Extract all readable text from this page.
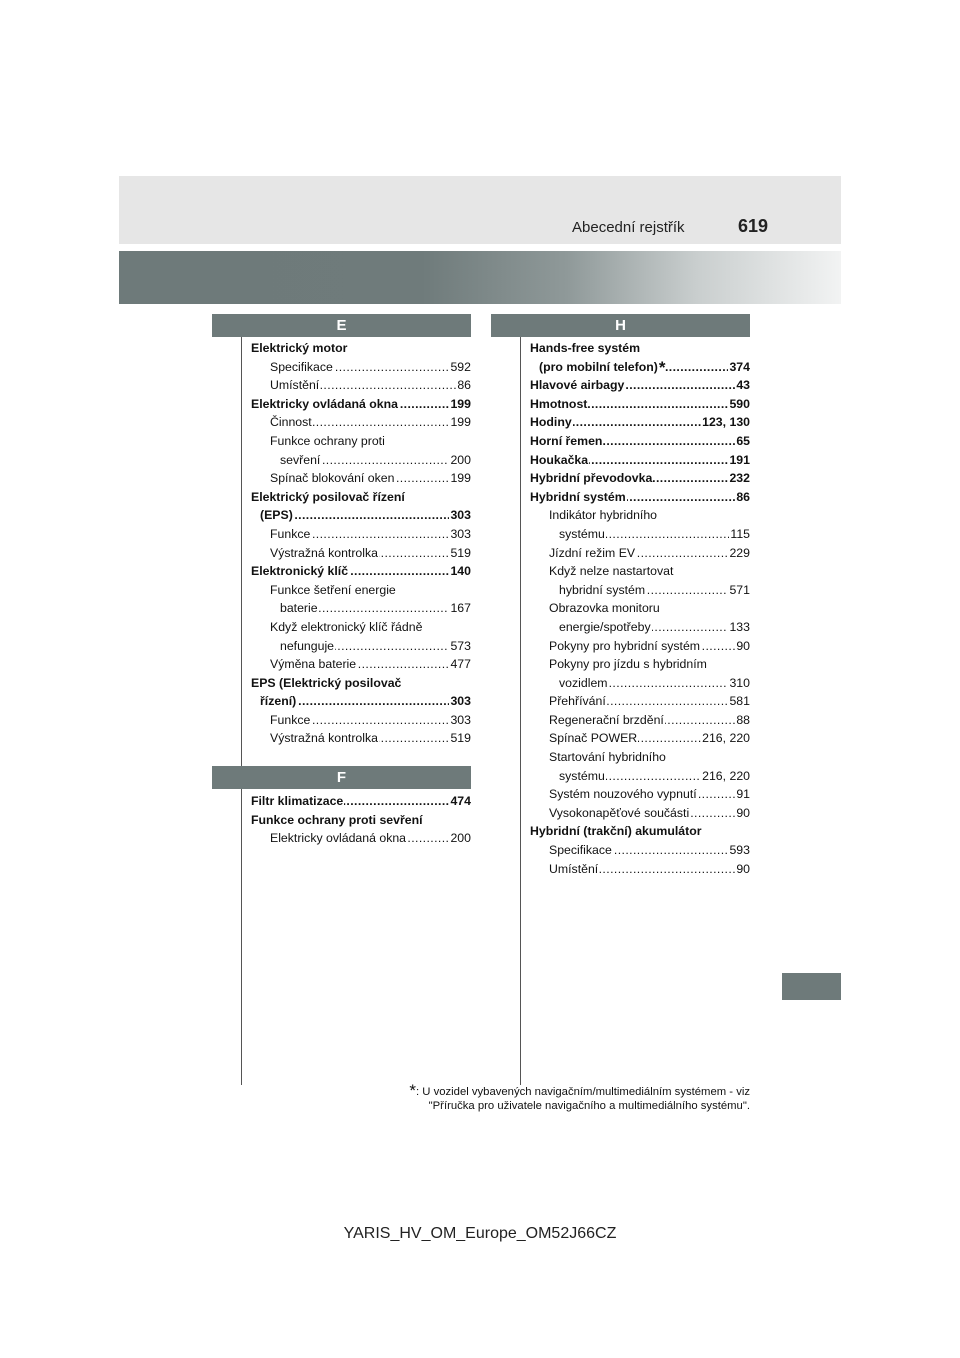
Abecední rejstřík	619
E
Elektrický motor
..... Specifikace	592
..... Umístění	86
..... Elektricky ovládaná okna	199
..... Činnost	199
Funkce ochrany proti
..... sevření	200
..... Spínač blokování oken	199
Elektrický posilovač řízení
..... (EPS)	303
..... Funkce	303
..... Výstražná kontrolka	519
..... Elektronický klíč	140
Funkce šetření energie
..... baterie	167
Když elektronický klíč řádně
..... nefunguje	573
..... Výměna baterie	477
EPS (Elektrický posilovač
..... řízení)	303
..... Funkce	303
..... Výstražná kontrolka	519
F
..... Filtr klimatizace	474
Funkce ochrany proti sevření
..... Elektricky ovládaná okna	200
H
Hands-free systém
..... (pro mobilní telefon)*	374
..... Hlavové airbagy	43
..... Hmotnost	590
..... Hodiny	123, 130
..... Horní řemen	65
..... Houkačka	191
..... Hybridní převodovka	232
..... Hybridní systém	86
Indikátor hybridního
..... systému	115
..... Jízdní režim EV	229
Když nelze nastartovat
..... hybridní systém	571
Obrazovka monitoru
..... energie/spotřeby	133
..... Pokyny pro hybridní systém	90
Pokyny pro jízdu s hybridním
..... vozidlem	310
..... Přehřívání	581
..... Regenerační brzdění	88
..... Spínač POWER	216, 220
Startování hybridního
..... systému	216, 220
..... Systém nouzového vypnutí	91
..... Vysokonapěťové součásti	90
Hybridní (trakční) akumulátor
..... Specifikace	593
..... Umístění	90
*: U vozidel vybavených navigačním/multimediálním systémem - viz
"Příručka pro uživatele navigačního a multimediálního systému".
YARIS_HV_OM_Europe_OM52J66CZ
